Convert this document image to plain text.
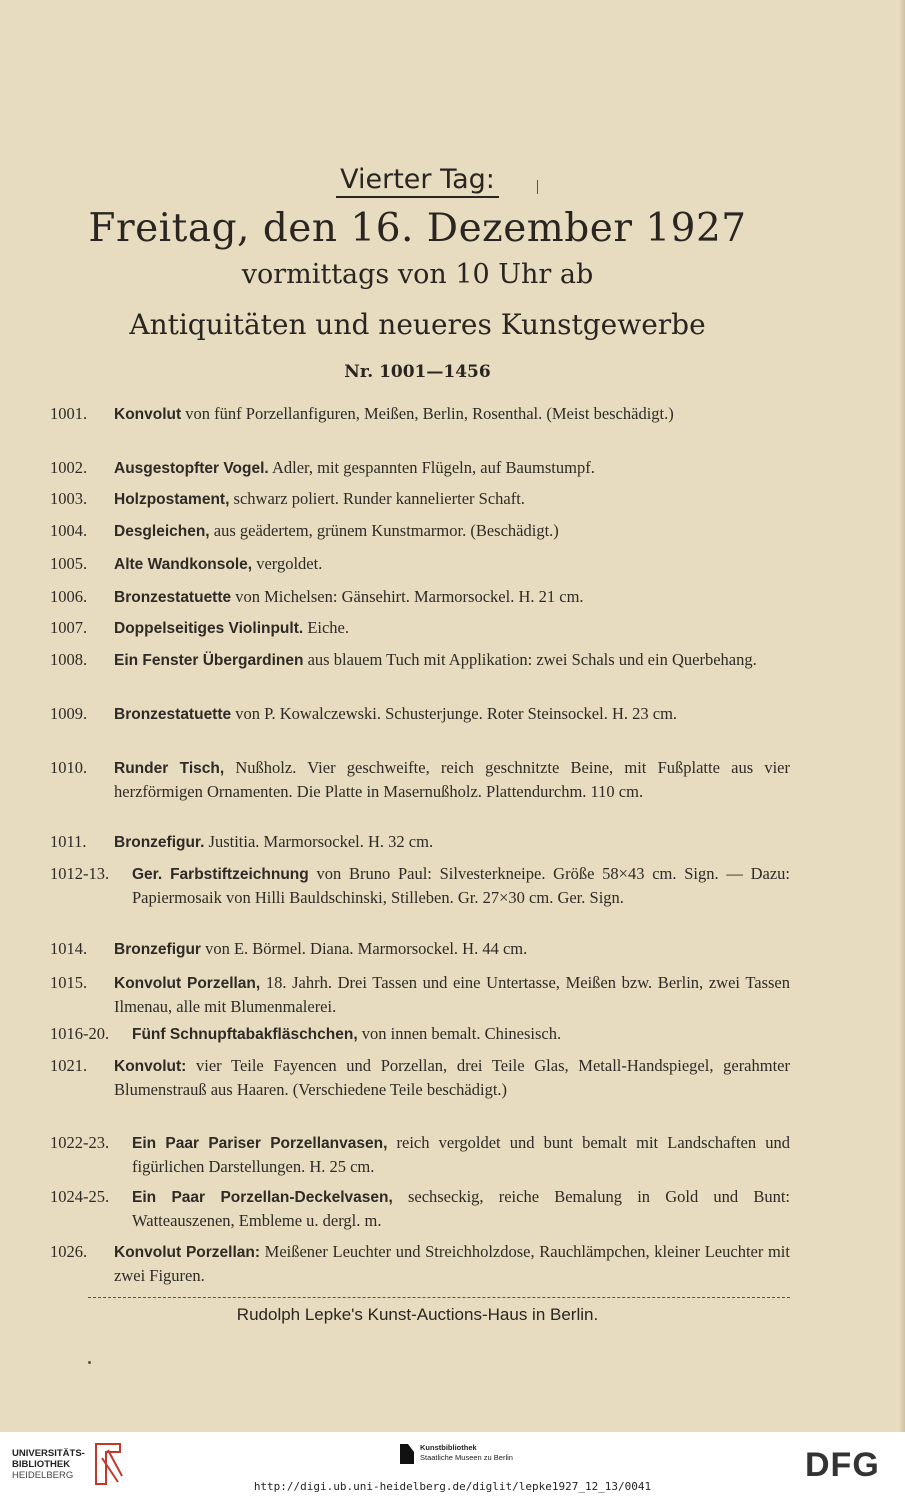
Vierter Tag:
Freitag, den 16. Dezember 1927
vormittags von 10 Uhr ab
Antiquitäten und neueres Kunstgewerbe
Nr. 1001—1456
1001.	Konvolut von fünf Porzellanfiguren, Meißen, Berlin, Rosenthal. (Meist beschädigt.)
1002.	Ausgestopfter Vogel. Adler, mit gespannten Flügeln, auf Baumstumpf.
1003.	Holzpostament, schwarz poliert. Runder kannelierter Schaft.
1004.	Desgleichen, aus geädertem, grünem Kunstmarmor. (Beschädigt.)
1005.	Alte Wandkonsole, vergoldet.
1006.	Bronzestatuette von Michelsen: Gänsehirt. Marmorsockel. H. 21 cm.
1007.	Doppelseitiges Violinpult. Eiche.
1008.	Ein Fenster Übergardinen aus blauem Tuch mit Applikation: zwei Schals und ein Querbehang.
1009.	Bronzestatuette von P. Kowalczewski. Schusterjunge. Roter Steinsockel. H. 23 cm.
1010.	Runder Tisch, Nußholz. Vier geschweifte, reich geschnitzte Beine, mit Fußplatte aus vier herzförmigen Ornamenten. Die Platte in Masernußholz. Plattendurchm. 110 cm.
1011.	Bronzefigur. Justitia. Marmorsockel. H. 32 cm.
1012-13.	Ger. Farbstiftzeichnung von Bruno Paul: Silvesterkneipe. Größe 58×43 cm. Sign. — Dazu: Papiermosaik von Hilli Bauldschinski, Stilleben. Gr. 27×30 cm. Ger. Sign.
1014.	Bronzefigur von E. Börmel. Diana. Marmorsockel. H. 44 cm.
1015.	Konvolut Porzellan, 18. Jahrh. Drei Tassen und eine Untertasse, Meißen bzw. Berlin, zwei Tassen Ilmenau, alle mit Blumenmalerei.
1016-20.	Fünf Schnupftabakfläschchen, von innen bemalt. Chinesisch.
1021.	Konvolut: vier Teile Fayencen und Porzellan, drei Teile Glas, Metall-Handspiegel, gerahmter Blumenstrauß aus Haaren. (Verschiedene Teile beschädigt.)
1022-23.	Ein Paar Pariser Porzellanvasen, reich vergoldet und bunt bemalt mit Landschaften und figürlichen Darstellungen. H. 25 cm.
1024-25.	Ein Paar Porzellan-Deckelvasen, sechseckig, reiche Bemalung in Gold und Bunt: Watteauszenen, Embleme u. dergl. m.
1026.	Konvolut Porzellan: Meißener Leuchter und Streichholzdose, Rauchlämpchen, kleiner Leuchter mit zwei Figuren.
Rudolph Lepke's Kunst-Auctions-Haus in Berlin.
UNIVERSITÄTS-
BIBLIOTHEK
HEIDELBERG
Kunstbibliothek
Staatliche Museen zu Berlin	DFG
http://digi.ub.uni-heidelberg.de/diglit/lepke1927_12_13/0041
